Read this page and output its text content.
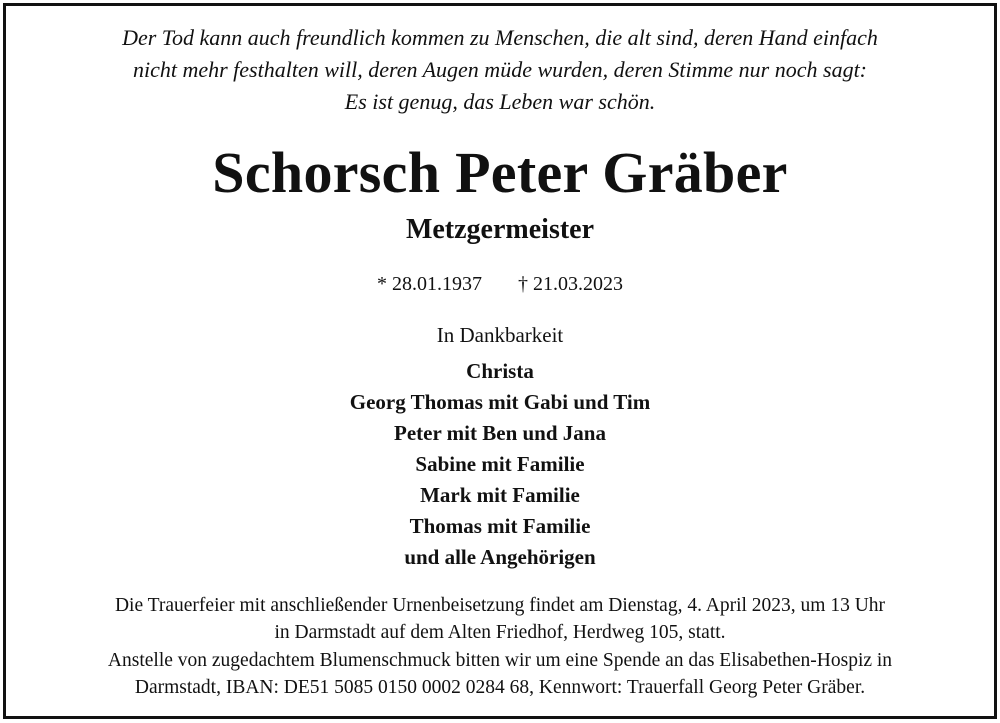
Der Tod kann auch freundlich kommen zu Menschen, die alt sind, deren Hand einfach
nicht mehr festhalten will, deren Augen müde wurden, deren Stimme nur noch sagt:
Es ist genug, das Leben war schön.
Schorsch Peter Gräber
Metzgermeister
* 28.01.1937 † 21.03.2023
In Dankbarkeit
Christa
Georg Thomas mit Gabi und Tim
Peter mit Ben und Jana
Sabine mit Familie
Mark mit Familie
Thomas mit Familie
und alle Angehörigen
Die Trauerfeier mit anschließender Urnenbeisetzung findet am Dienstag, 4. April 2023, um 13 Uhr
in Darmstadt auf dem Alten Friedhof, Herdweg 105, statt.
Anstelle von zugedachtem Blumenschmuck bitten wir um eine Spende an das Elisabethen-Hospiz in
Darmstadt, IBAN: DE51 5085 0150 0002 0284 68, Kennwort: Trauerfall Georg Peter Gräber.
